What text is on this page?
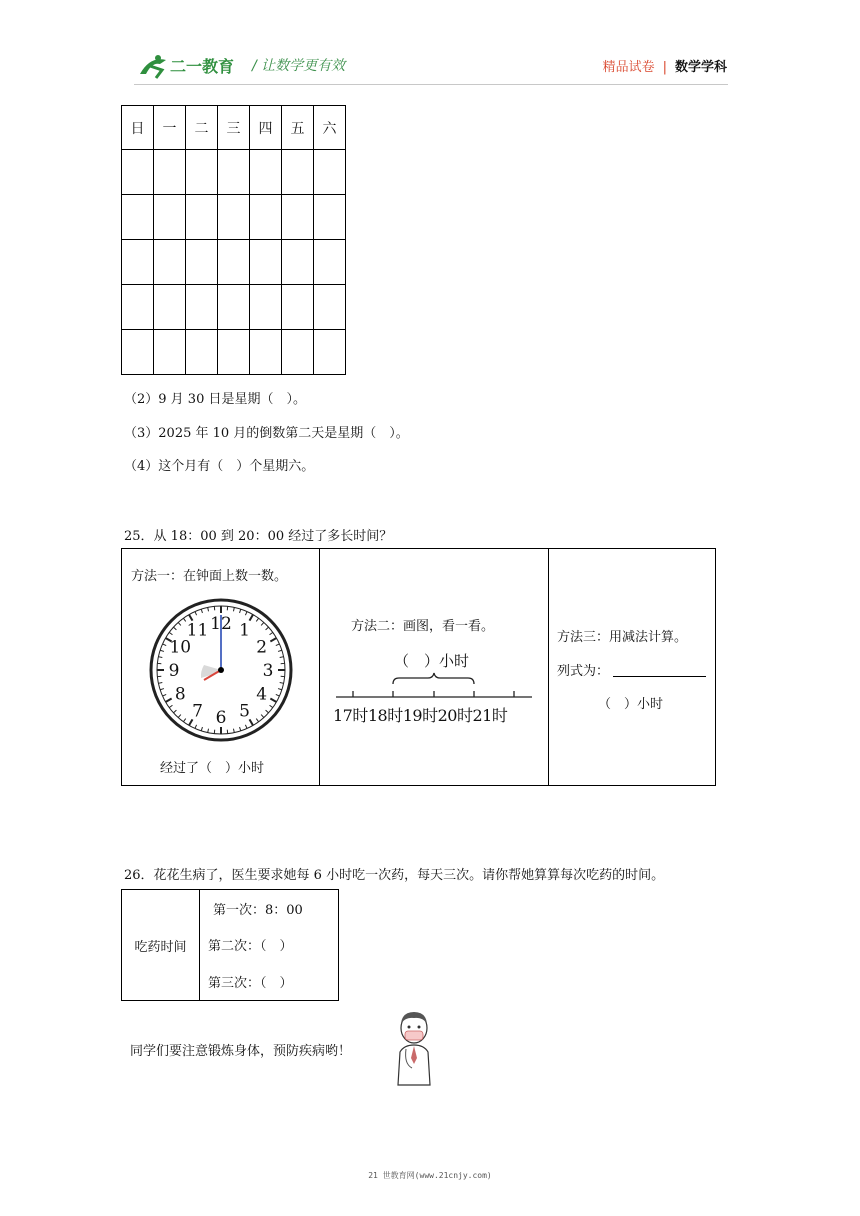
二一教育 / 让数学更有效	精品试卷 | 数学学科
日	一	二	三	四	五	六

（2）9 月 30 日是星期（　）。
（3）2025 年 10 月的倒数第二天是星期（　）。
（4）这个月有（　）个星期六。
25．从 18：00 到 20：00 经过了多长时间？
方法一：在钟面上数一数。
12 1
2
3
4
5
6
7
8
9
10
11
经过了（　）小时
方法二：画图，看一看。
（　）小时
17时18时19时20时21时
方法三：用减法计算。
列式为：
（　）小时
26．花花生病了，医生要求她每 6 小时吃一次药，每天三次。请你帮她算算每次吃药的时间。
吃药时间	第一次：8：00
第二次：（　）
第三次：（　）
同学们要注意锻炼身体，预防疾病哟！
21 世教育网(www.21cnjy.com)
